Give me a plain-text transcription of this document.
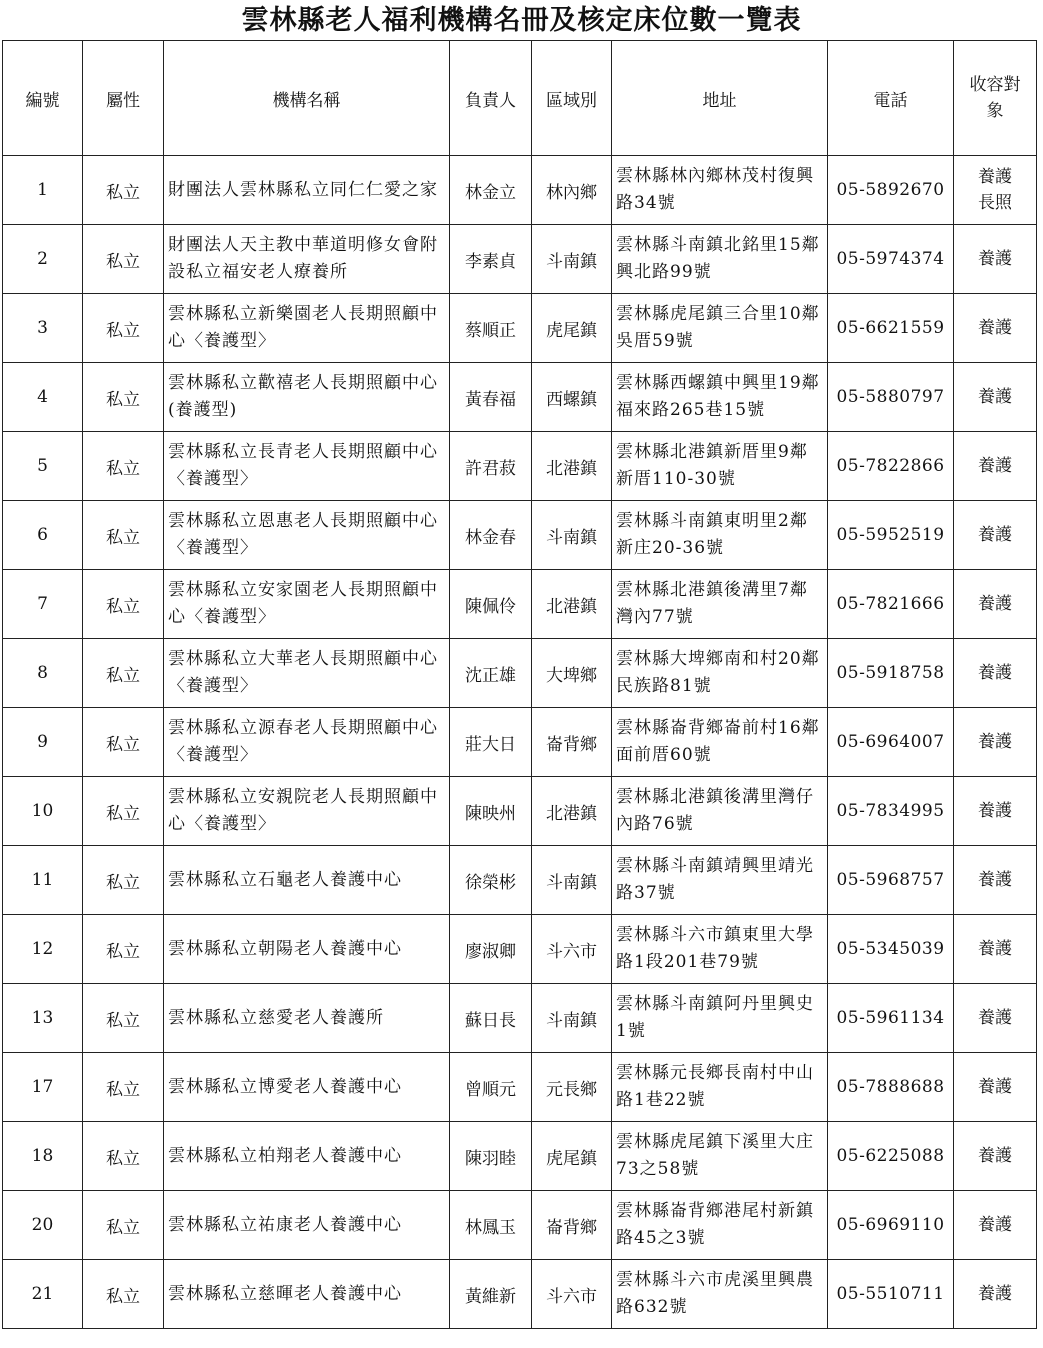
雲林縣老人福利機構名冊及核定床位數一覽表
編號	屬性	機構名稱	負責人	區域別	地址	電話	收容對
象
1	私立	財團法人雲林縣私立同仁仁愛之家	林金立	林內鄉	雲林縣林內鄉林茂村復興路34號	05-5892670	養護
長照
2	私立	財團法人天主教中華道明修女會附設私立福安老人療養所	李素貞	斗南鎮	雲林縣斗南鎮北銘里15鄰興北路99號	05-5974374	養護
3	私立	雲林縣私立新樂園老人長期照顧中心〈養護型〉	蔡順正	虎尾鎮	雲林縣虎尾鎮三合里10鄰吳厝59號	05-6621559	養護
4	私立	雲林縣私立歡禧老人長期照顧中心(養護型)	黃春福	西螺鎮	雲林縣西螺鎮中興里19鄰福來路265巷15號	05-5880797	養護
5	私立	雲林縣私立長青老人長期照顧中心〈養護型〉	許君菽	北港鎮	雲林縣北港鎮新厝里9鄰新厝110-30號	05-7822866	養護
6	私立	雲林縣私立恩惠老人長期照顧中心〈養護型〉	林金春	斗南鎮	雲林縣斗南鎮東明里2鄰新庄20-36號	05-5952519	養護
7	私立	雲林縣私立安家園老人長期照顧中心〈養護型〉	陳佩伶	北港鎮	雲林縣北港鎮後溝里7鄰灣內77號	05-7821666	養護
8	私立	雲林縣私立大華老人長期照顧中心〈養護型〉	沈正雄	大埤鄉	雲林縣大埤鄉南和村20鄰民族路81號	05-5918758	養護
9	私立	雲林縣私立源春老人長期照顧中心〈養護型〉	莊大日	崙背鄉	雲林縣崙背鄉崙前村16鄰面前厝60號	05-6964007	養護
10	私立	雲林縣私立安親院老人長期照顧中心〈養護型〉	陳映州	北港鎮	雲林縣北港鎮後溝里灣仔內路76號	05-7834995	養護
11	私立	雲林縣私立石龜老人養護中心	徐榮彬	斗南鎮	雲林縣斗南鎮靖興里靖光路37號	05-5968757	養護
12	私立	雲林縣私立朝陽老人養護中心	廖淑卿	斗六市	雲林縣斗六市鎮東里大學路1段201巷79號	05-5345039	養護
13	私立	雲林縣私立慈愛老人養護所	蘇日長	斗南鎮	雲林縣斗南鎮阿丹里興史1號	05-5961134	養護
17	私立	雲林縣私立博愛老人養護中心	曾順元	元長鄉	雲林縣元長鄉長南村中山路1巷22號	05-7888688	養護
18	私立	雲林縣私立柏翔老人養護中心	陳羽睦	虎尾鎮	雲林縣虎尾鎮下溪里大庄73之58號	05-6225088	養護
20	私立	雲林縣私立祐康老人養護中心	林鳳玉	崙背鄉	雲林縣崙背鄉港尾村新鎮路45之3號	05-6969110	養護
21	私立	雲林縣私立慈暉老人養護中心	黃維新	斗六市	雲林縣斗六市虎溪里興農路632號	05-5510711	養護
